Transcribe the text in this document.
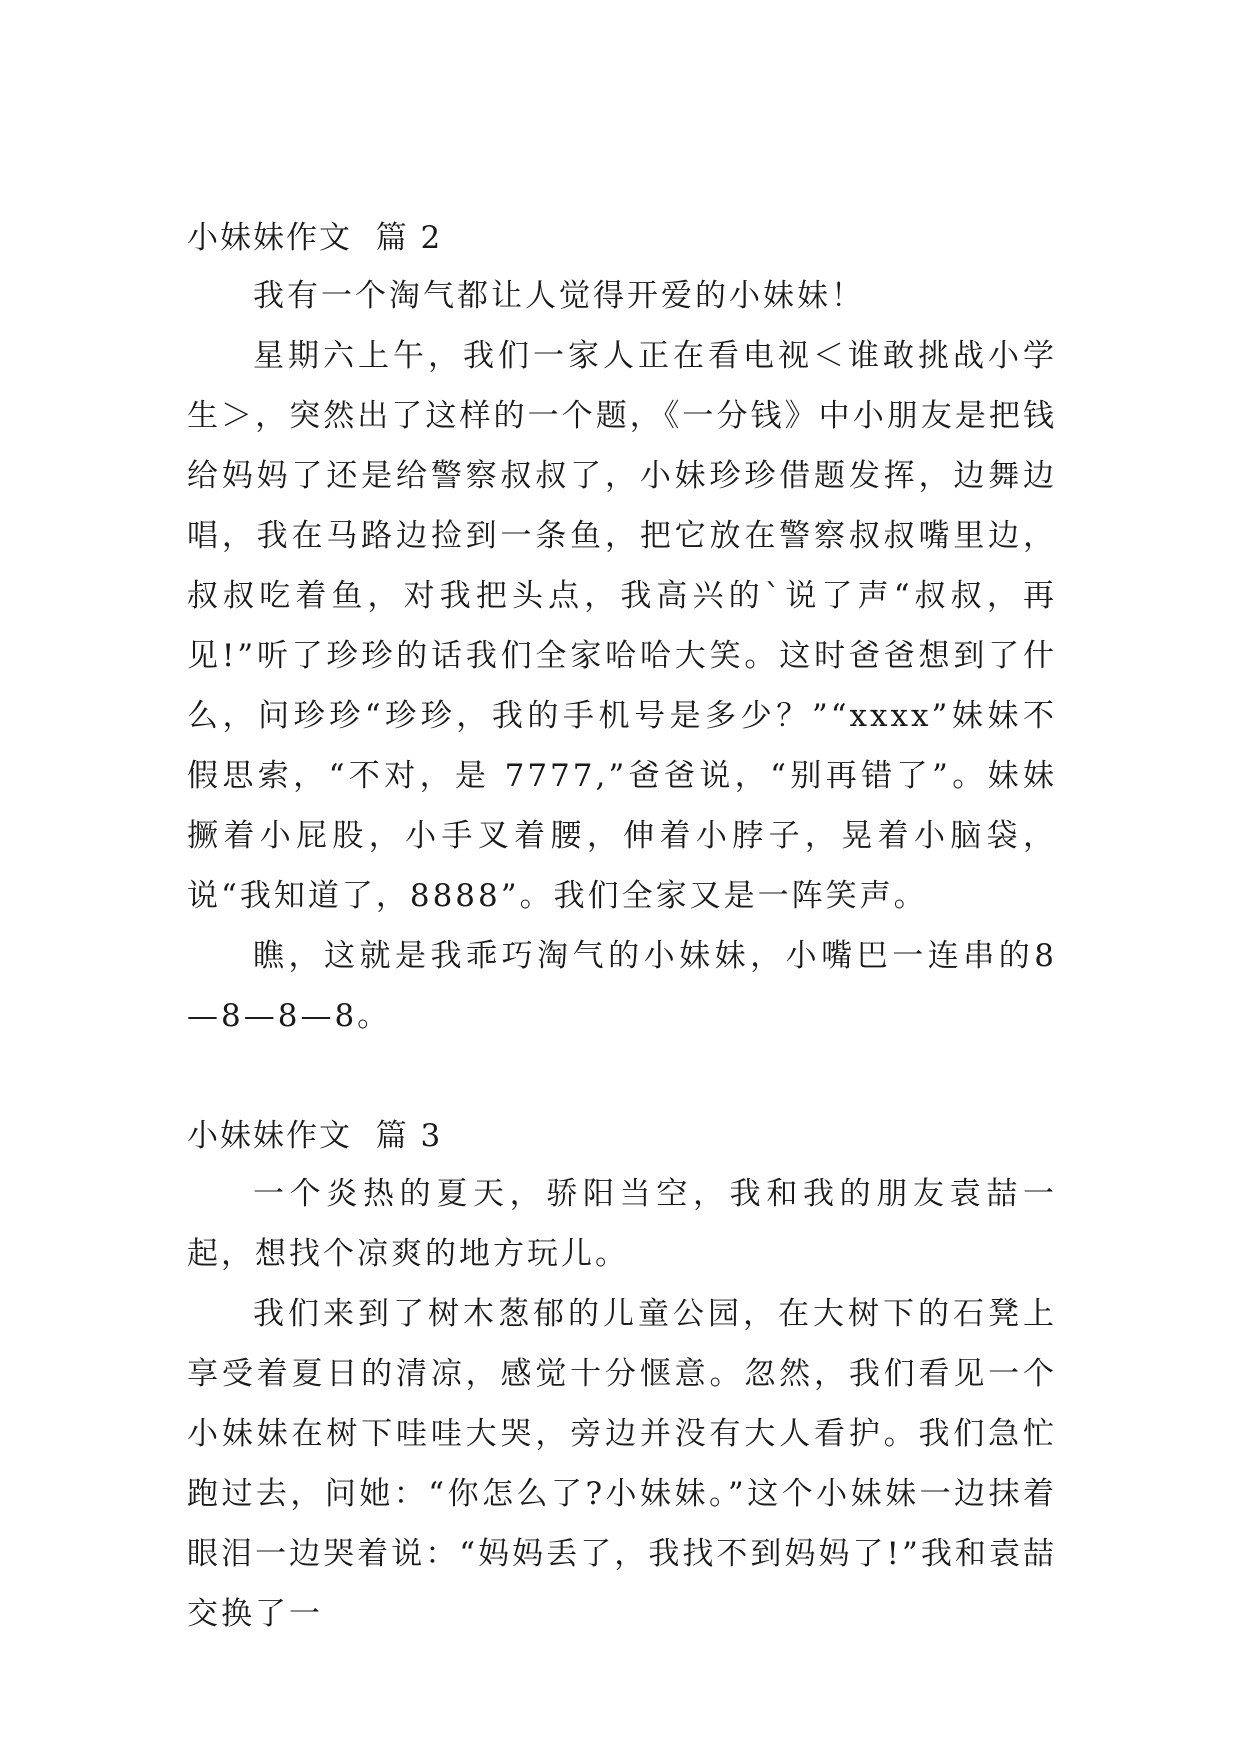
小妹妹作文  篇 2

我有一个淘气都让人觉得开爱的小妹妹！

星期六上午，我们一家人正在看电视＜谁敢挑战小学生＞，突然出了这样的一个题，《一分钱》中小朋友是把钱给妈妈了还是给警察叔叔了，小妹珍珍借题发挥，边舞边唱，我在马路边捡到一条鱼，把它放在警察叔叔嘴里边，叔叔吃着鱼，对我把头点，我高兴的`说了声“叔叔，再见!”听了珍珍的话我们全家哈哈大笑。这时爸爸想到了什么，问珍珍“珍珍，我的手机号是多少？”“xxxx”妹妹不假思索，“不对，是 7777,”爸爸说，“别再错了”。妹妹撅着小屁股，小手叉着腰，伸着小脖子，晃着小脑袋，说“我知道了，8888”。我们全家又是一阵笑声。

瞧，这就是我乖巧淘气的小妹妹，小嘴巴一连串的8—8—8—8。

小妹妹作文  篇 3

一个炎热的夏天，骄阳当空，我和我的朋友袁喆一起，想找个凉爽的地方玩儿。

我们来到了树木葱郁的儿童公园，在大树下的石凳上享受着夏日的清凉，感觉十分惬意。忽然，我们看见一个小妹妹在树下哇哇大哭，旁边并没有大人看护。我们急忙跑过去，问她：“你怎么了?小妹妹。”这个小妹妹一边抹着眼泪一边哭着说：“妈妈丢了，我找不到妈妈了!”我和袁喆交换了一
